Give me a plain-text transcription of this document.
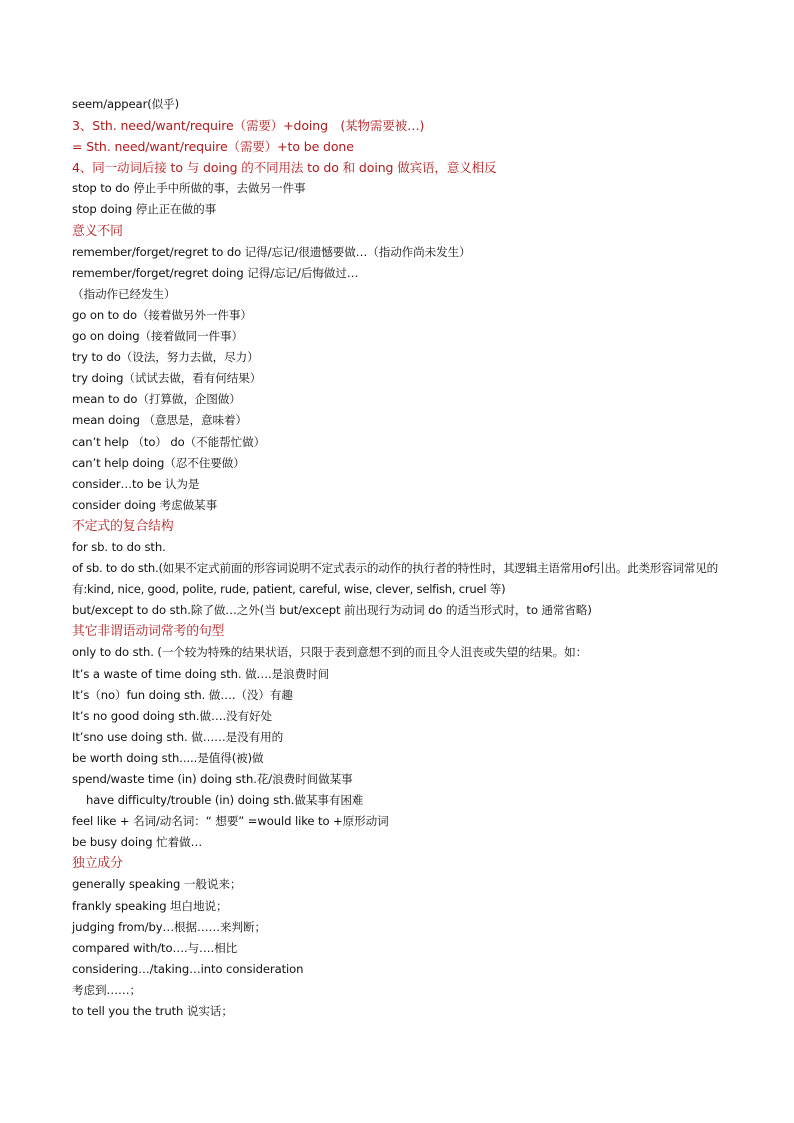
seem/appear(似乎)
3、Sth. need/want/require（需要）+doing　(某物需要被…)
= Sth. need/want/require（需要）+to be done
4、同一动词后接 to 与 doing 的不同用法 to do 和 doing 做宾语，意义相反
stop to do 停止手中所做的事，去做另一件事
stop doing 停止正在做的事
意义不同
remember/forget/regret to do 记得/忘记/很遗憾要做…（指动作尚未发生）
remember/forget/regret doing 记得/忘记/后悔做过…
（指动作已经发生）
go on to do（接着做另外一件事）
go on doing（接着做同一件事）
try to do（设法，努力去做，尽力）
try doing（试试去做，看有何结果）
mean to do（打算做，企图做）
mean doing （意思是，意味着）
can’t help （to） do（不能帮忙做）
can’t help doing（忍不住要做）
consider…to be 认为是
consider doing 考虑做某事
不定式的复合结构
for sb. to do sth.
of sb. to do sth.(如果不定式前面的形容词说明不定式表示的动作的执行者的特性时，其逻辑主语常用of引出。此类形容词常见的有:kind, nice, good, polite, rude, patient, careful, wise, clever, selfish, cruel 等)
but/except to do sth.除了做…之外(当 but/except 前出现行为动词 do 的适当形式时，to 通常省略)
其它非谓语动词常考的句型
only to do sth. (一个较为特殊的结果状语，只限于表到意想不到的而且令人沮丧或失望的结果。如：
It’s a waste of time doing sth. 做….是浪费时间
It’s（no）fun doing sth. 做….（没）有趣
It’s no good doing sth.做….没有好处
It’sno use doing sth. 做……是没有用的
be worth doing sth.....是值得(被)做
spend/waste time (in) doing sth.花/浪费时间做某事
have difficulty/trouble (in) doing sth.做某事有困难
feel like + 名词/动名词：“ 想要” =would like to +原形动词
be busy doing 忙着做…
独立成分
generally speaking 一般说来；
frankly speaking 坦白地说；
judging from/by…根据……来判断；
compared with/to….与….相比
considering…/taking…into consideration
考虑到……；
to tell you the truth 说实话；
